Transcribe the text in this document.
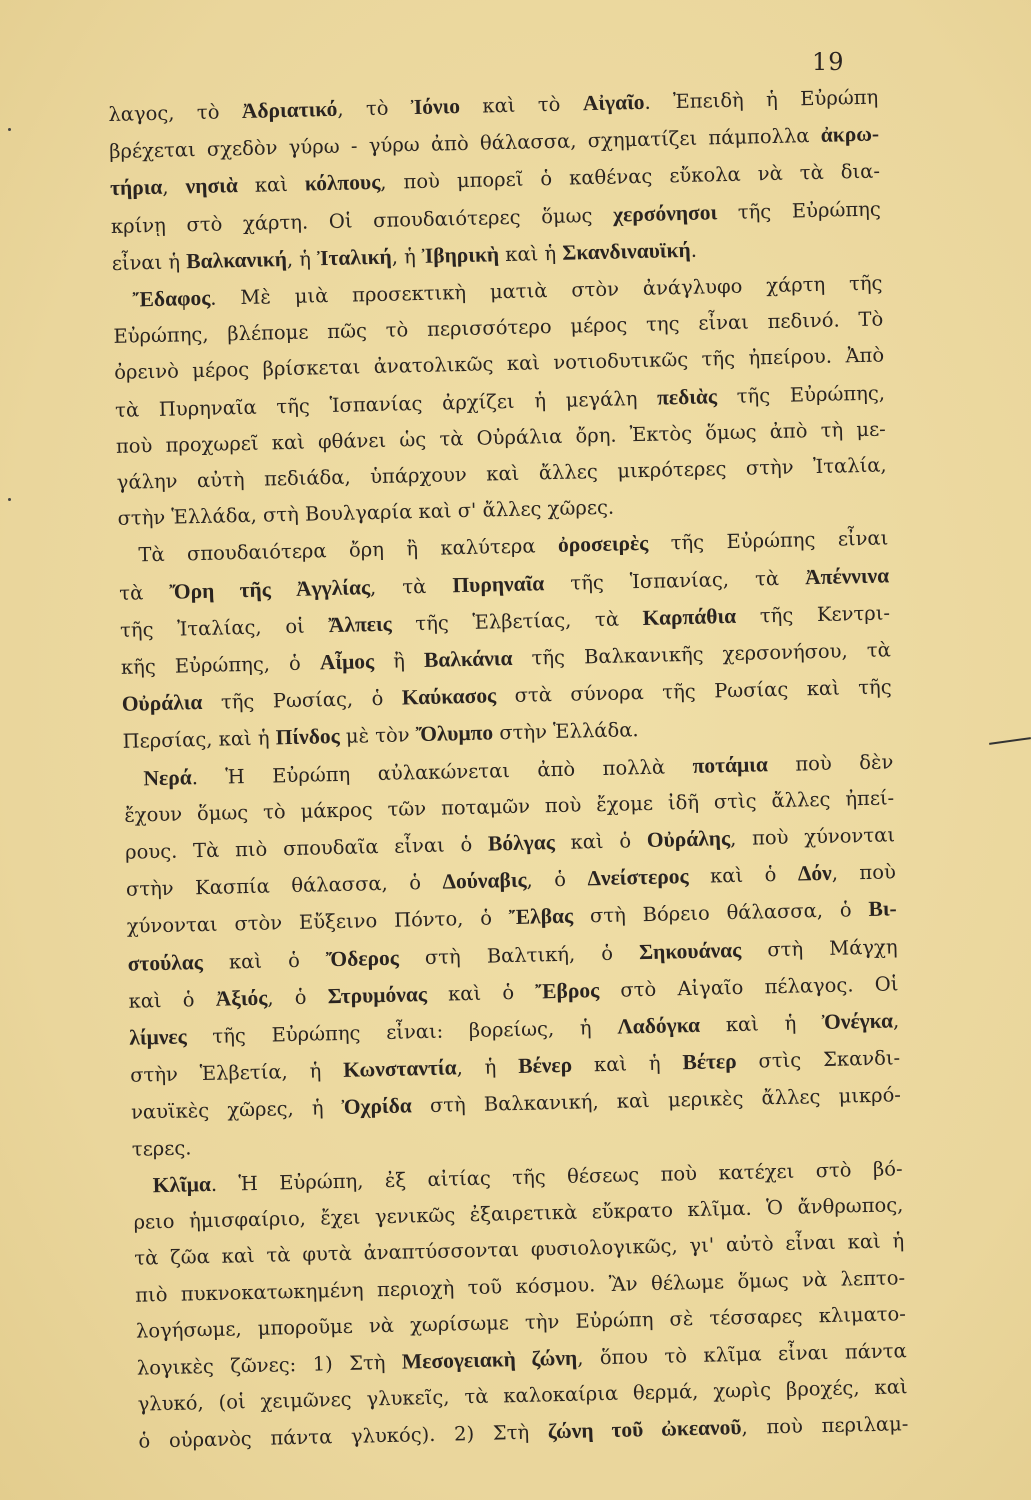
19
λαγος, τὸ Ἀδριατικό, τὸ Ἰόνιο καὶ τὸ Αἰγαῖο. Ἐπειδὴ ἡ Εὐρώπη
βρέχεται σχεδὸν γύρω - γύρω ἀπὸ θάλασσα, σχηματίζει πάμπολλα ἀκρω-
τήρια, νησιὰ καὶ κόλπους, ποὺ μπορεῖ ὁ καθένας εὔκολα νὰ τὰ δια-
κρίνῃ στὸ χάρτη. Οἱ σπουδαιότερες ὅμως χερσόνησοι τῆς Εὐρώπης
εἶναι ἡ Βαλκανική, ἡ Ἰταλική, ἡ Ἰβηρικὴ καὶ ἡ Σκανδιναυϊκή.
Ἔδαφος. Μὲ μιὰ προσεκτικὴ ματιὰ στὸν ἀνάγλυφο χάρτη τῆς
Εὐρώπης, βλέπομε πῶς τὸ περισσότερο μέρος της εἶναι πεδινό. Τὸ
ὀρεινὸ μέρος βρίσκεται ἀνατολικῶς καὶ νοτιοδυτικῶς τῆς ἠπείρου. Ἀπὸ
τὰ Πυρηναῖα τῆς Ἱσπανίας ἀρχίζει ἡ μεγάλη πεδιὰς τῆς Εὐρώπης,
ποὺ προχωρεῖ καὶ φθάνει ὡς τὰ Οὐράλια ὄρη. Ἐκτὸς ὅμως ἀπὸ τὴ με-
γάλην αὐτὴ πεδιάδα, ὑπάρχουν καὶ ἄλλες μικρότερες στὴν Ἰταλία,
στὴν Ἑλλάδα, στὴ Βουλγαρία καὶ σ' ἄλλες χῶρες.
Τὰ σπουδαιότερα ὄρη ἢ καλύτερα ὀροσειρὲς τῆς Εὐρώπης εἶναι
τὰ Ὄρη τῆς Ἀγγλίας, τὰ Πυρηναῖα τῆς Ἱσπανίας, τὰ Ἀπέννινα
τῆς Ἰταλίας, οἱ Ἄλπεις τῆς Ἑλβετίας, τὰ Καρπάθια τῆς Κεντρι-
κῆς Εὐρώπης, ὁ Αἶμος ἢ Βαλκάνια τῆς Βαλκανικῆς χερσονήσου, τὰ
Οὐράλια τῆς Ρωσίας, ὁ Καύκασος στὰ σύνορα τῆς Ρωσίας καὶ τῆς
Περσίας, καὶ ἡ Πίνδος μὲ τὸν Ὄλυμπο στὴν Ἑλλάδα.
Νερά. Ἡ Εὐρώπη αὐλακώνεται ἀπὸ πολλὰ ποτάμια ποὺ δὲν
ἔχουν ὅμως τὸ μάκρος τῶν ποταμῶν ποὺ ἔχομε ἰδῆ στὶς ἄλλες ἠπεί-
ρους. Τὰ πιὸ σπουδαῖα εἶναι ὁ Βόλγας καὶ ὁ Οὐράλης, ποὺ χύνονται
στὴν Κασπία θάλασσα, ὁ Δούναβις, ὁ Δνείστερος καὶ ὁ Δόν, ποὺ
χύνονται στὸν Εὔξεινο Πόντο, ὁ Ἔλβας στὴ Βόρειο θάλασσα, ὁ Βι-
στούλας καὶ ὁ Ὄδερος στὴ Βαλτική, ὁ Σηκουάνας στὴ Μάγχη
καὶ ὁ Ἀξιός, ὁ Στρυμόνας καὶ ὁ Ἔβρος στὸ Αἰγαῖο πέλαγος. Οἱ
λίμνες τῆς Εὐρώπης εἶναι: βορείως, ἡ Λαδόγκα καὶ ἡ Ὀνέγκα,
στὴν Ἑλβετία, ἡ Κωνσταντία, ἡ Βένερ καὶ ἡ Βέτερ στὶς Σκανδι-
ναυϊκὲς χῶρες, ἡ Ὀχρίδα στὴ Βαλκανική, καὶ μερικὲς ἄλλες μικρό-
τερες.
Κλῖμα. Ἡ Εὐρώπη, ἐξ αἰτίας τῆς θέσεως ποὺ κατέχει στὸ βό-
ρειο ἡμισφαίριο, ἔχει γενικῶς ἐξαιρετικὰ εὔκρατο κλῖμα. Ὁ ἄνθρωπος,
τὰ ζῶα καὶ τὰ φυτὰ ἀναπτύσσονται φυσιολογικῶς, γι' αὐτὸ εἶναι καὶ ἡ
πιὸ πυκνοκατωκημένη περιοχὴ τοῦ κόσμου. Ἂν θέλωμε ὅμως νὰ λεπτο-
λογήσωμε, μποροῦμε νὰ χωρίσωμε τὴν Εὐρώπη σὲ τέσσαρες κλιματο-
λογικὲς ζῶνες: 1) Στὴ Μεσογειακὴ ζώνη, ὅπου τὸ κλῖμα εἶναι πάντα
γλυκό, (οἱ χειμῶνες γλυκεῖς, τὰ καλοκαίρια θερμά, χωρὶς βροχές, καὶ
ὁ οὐρανὸς πάντα γλυκός). 2) Στὴ ζώνη τοῦ ὠκεανοῦ, ποὺ περιλαμ-
